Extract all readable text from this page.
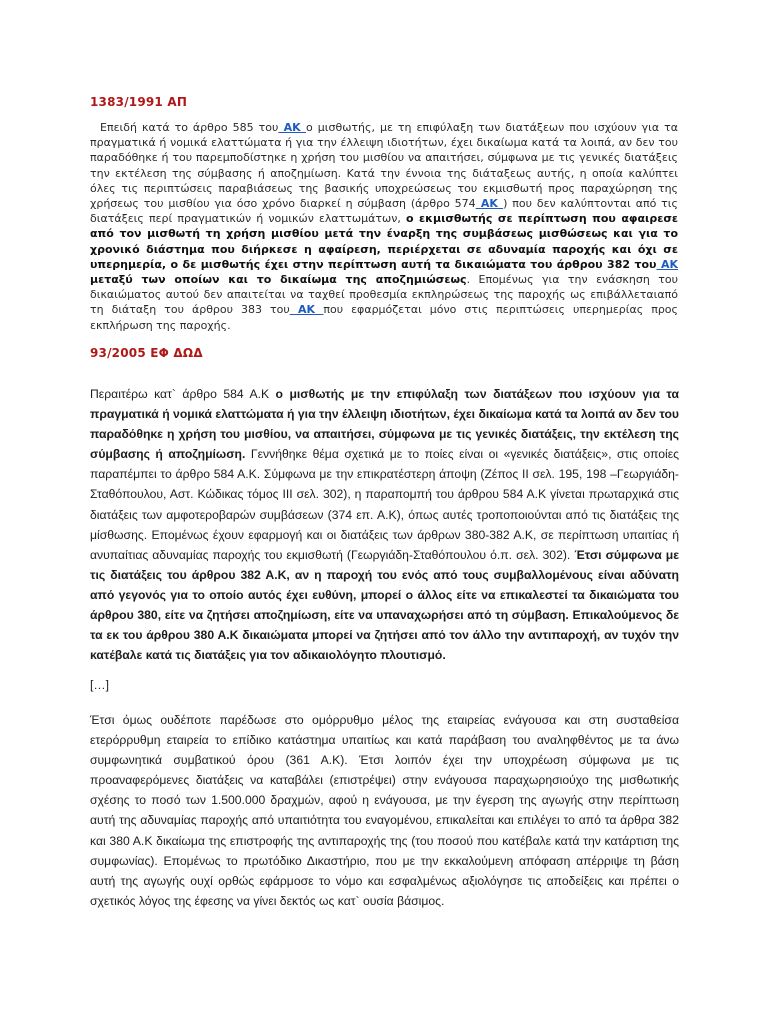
1383/1991 ΑΠ

Επειδή κατά το άρθρο 585 του ΑΚ ο μισθωτής, με τη επιφύλαξη των διατάξεων που ισχύουν για τα πραγματικά ή νομικά ελαττώματα ή για την έλλειψη ιδιοτήτων, έχει δικαίωμα κατά τα λοιπά, αν δεν του παραδόθηκε ή του παρεμποδίστηκε η χρήση του μισθίου να απαιτήσει, σύμφωνα με τις γενικές διατάξεις την εκτέλεση της σύμβασης ή αποζημίωση. Κατά την έννοια της διάταξεως αυτής, η οποία καλύπτει όλες τις περιπτώσεις παραβιάσεως της βασικής υποχρεώσεως του εκμισθωτή προς παραχώρηση της χρήσεως του μισθίου για όσο χρόνο διαρκεί η σύμβαση (άρθρο 574 ΑΚ ) που δεν καλύπτονται από τις διατάξεις περί πραγματικών ή νομικών ελαττωμάτων, ο εκμισθωτής σε περίπτωση που αφαιρεσε από τον μισθωτή τη χρήση μισθίου μετά την έναρξη της συμβάσεως μισθώσεως και για το χρονικό διάστημα που διήρκεσε η αφαίρεση, περιέρχεται σε αδυναμία παροχής και όχι σε υπερημερία, ο δε μισθωτής έχει στην περίπτωση αυτή τα δικαιώματα του άρθρου 382 του ΑΚ μεταξύ των οποίων και το δικαίωμα της αποζημιώσεως. Επομένως για την ενάσκηση του δικαιώματος αυτού δεν απαιτείται να ταχθεί προθεσμία εκπληρώσεως της παροχής ως επιβάλλεταιαπό τη διάταξη του άρθρου 383 του ΑΚ που εφαρμόζεται μόνο στις περιπτώσεις υπερημερίας προς εκπλήρωση της παροχής.

93/2005 ΕΦ ΔΩΔ

Περαιτέρω κατ` άρθρο 584 Α.Κ ο μισθωτής με την επιφύλαξη των διατάξεων που ισχύουν για τα πραγματικά ή νομικά ελαττώματα ή για την έλλειψη ιδιοτήτων, έχει δικαίωμα κατά τα λοιπά αν δεν του παραδόθηκε η χρήση του μισθίου, να απαιτήσει, σύμφωνα με τις γενικές διατάξεις, την εκτέλεση της σύμβασης ή αποζημίωση. Γεννήθηκε θέμα σχετικά με το ποίες είναι οι «γενικές διατάξεις», στις οποίες παραπέμπει το άρθρο 584 Α.Κ. Σύμφωνα με την επικρατέστερη άποψη (Ζέπος ΙΙ σελ. 195, 198 –Γεωργιάδη-Σταθόπουλου, Αστ. Κώδικας τόμος ΙΙΙ σελ. 302), η παραπομπή του άρθρου 584 Α.Κ γίνεται πρωταρχικά στις διατάξεις των αμφοτεροβαρών συμβάσεων (374 επ. Α.Κ), όπως αυτές τροποποιούνται από τις διατάξεις της μίσθωσης. Επομένως έχουν εφαρμογή και οι διατάξεις των άρθρων 380-382 Α.Κ, σε περίπτωση υπαιτίας ή ανυπαίτιας αδυναμίας παροχής του εκμισθωτή (Γεωργιάδη-Σταθόπουλου ό.π. σελ. 302). Έτσι σύμφωνα με τις διατάξεις του άρθρου 382 Α.Κ, αν η παροχή του ενός από τους συμβαλλομένους είναι αδύνατη από γεγονός για το οποίο αυτός έχει ευθύνη, μπορεί ο άλλος είτε να επικαλεστεί τα δικαιώματα του άρθρου 380, είτε να ζητήσει αποζημίωση, είτε να υπαναχωρήσει από τη σύμβαση. Επικαλούμενος δε τα εκ του άρθρου 380 Α.Κ δικαιώματα μπορεί να ζητήσει από τον άλλο την αντιπαροχή, αν τυχόν την κατέβαλε κατά τις διατάξεις για τον αδικαιολόγητο πλουτισμό.

[…]

Έτσι όμως ουδέποτε παρέδωσε στο ομόρρυθμο μέλος της εταιρείας ενάγουσα και στη συσταθείσα ετερόρρυθμη εταιρεία το επίδικο κατάστημα υπαιτίως και κατά παράβαση του αναληφθέντος με τα άνω συμφωνητικά συμβατικού όρου (361 Α.Κ). Έτσι λοιπόν έχει την υποχρέωση σύμφωνα με τις προαναφερόμενες διατάξεις να καταβάλει (επιστρέψει) στην ενάγουσα παραχωρησιούχο της μισθωτικής σχέσης το ποσό των 1.500.000 δραχμών, αφού η ενάγουσα, με την έγερση της αγωγής στην περίπτωση αυτή της αδυναμίας παροχής από υπαιτιότητα του εναγομένου, επικαλείται και επιλέγει το από τα άρθρα 382 και 380 Α.Κ δικαίωμα της επιστροφής της αντιπαροχής της (του ποσού που κατέβαλε κατά την κατάρτιση της συμφωνίας). Επομένως το πρωτόδικο Δικαστήριο, που με την εκκαλούμενη απόφαση απέρριψε τη βάση αυτή της αγωγής ουχί ορθώς εφάρμοσε το νόμο και εσφαλμένως αξιολόγησε τις αποδείξεις και πρέπει ο σχετικός λόγος της έφεσης να γίνει δεκτός ως κατ` ουσία βάσιμος.
